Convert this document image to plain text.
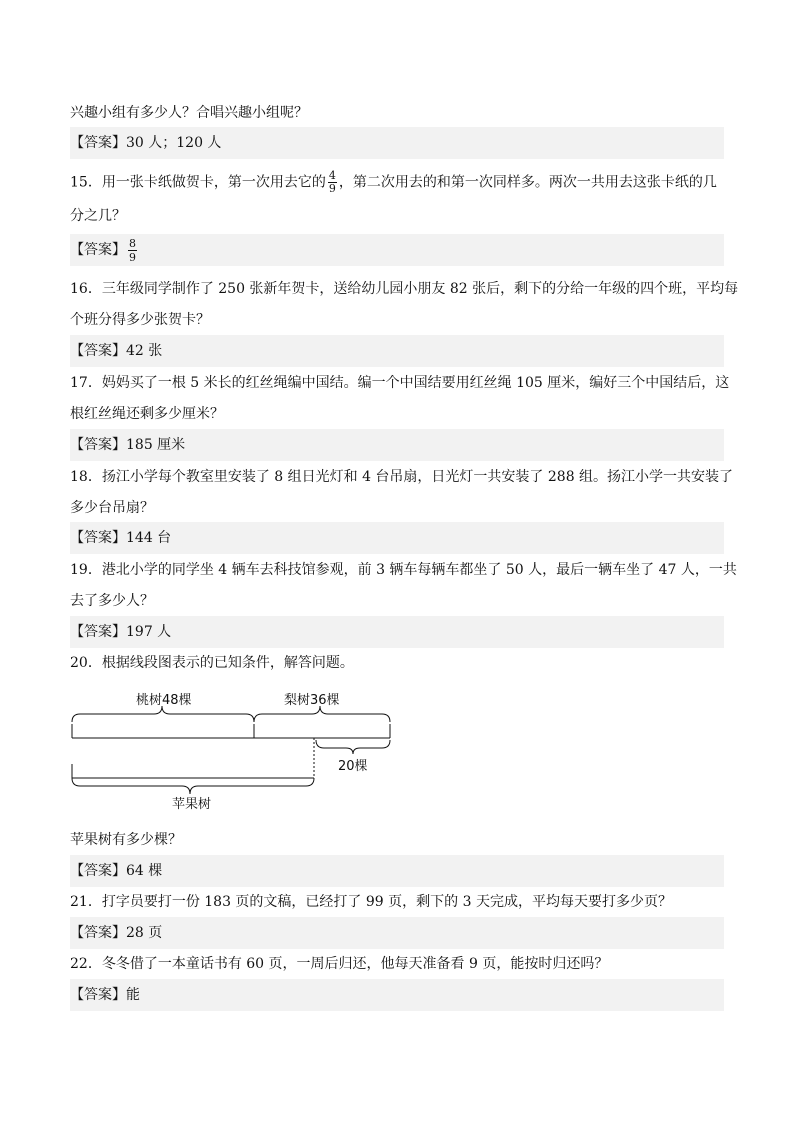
兴趣小组有多少人？合唱兴趣小组呢？
【答案】30 人；120 人
15．用一张卡纸做贺卡，第一次用去它的 $\frac{4}{9}$ ，第二次用去的和第一次同样多。两次一共用去这张卡纸的几
分之几？
【答案】 $\frac{8}{9}$
16．三年级同学制作了 250 张新年贺卡，送给幼儿园小朋友 82 张后，剩下的分给一年级的四个班，平均每
个班分得多少张贺卡？
【答案】42 张
17．妈妈买了一根 5 米长的红丝绳编中国结。编一个中国结要用红丝绳 105 厘米，编好三个中国结后，这
根红丝绳还剩多少厘米？
【答案】185 厘米
18．扬江小学每个教室里安装了 8 组日光灯和 4 台吊扇，日光灯一共安装了 288 组。扬江小学一共安装了
多少台吊扇？
【答案】144 台
19．港北小学的同学坐 4 辆车去科技馆参观，前 3 辆车每辆车都坐了 50 人，最后一辆车坐了 47 人，一共
去了多少人？
【答案】197 人
20．根据线段图表示的已知条件，解答问题。
桃树48棵	梨树36棵
20棵
苹果树
苹果树有多少棵？
【答案】64 棵
21．打字员要打一份 183 页的文稿，已经打了 99 页，剩下的 3 天完成，平均每天要打多少页？
【答案】28 页
22．冬冬借了一本童话书有 60 页，一周后归还，他每天准备看 9 页，能按时归还吗？
【答案】能
